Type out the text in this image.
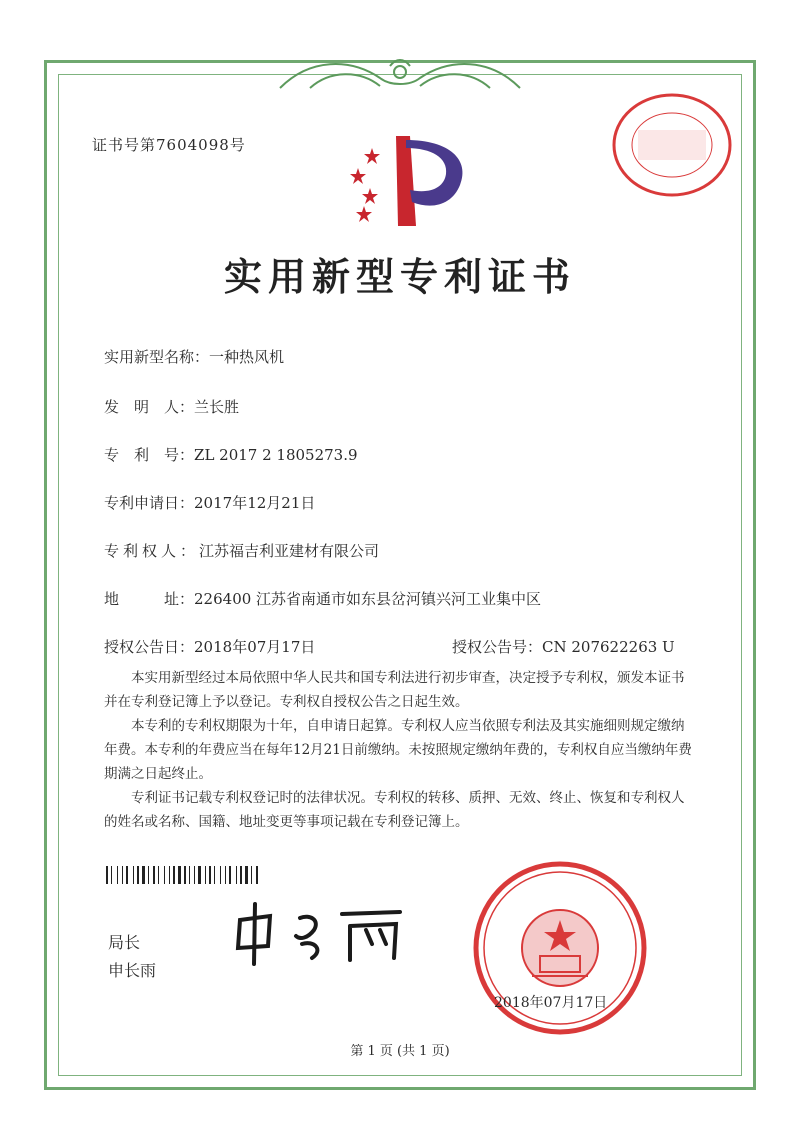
证书号第7604098号
实用新型专利证书
实用新型名称：一种热风机
发　明　人：兰长胜
专　利　号：ZL 2017 2 1805273.9
专利申请日：2017年12月21日
专利权人：江苏福吉利亚建材有限公司
地　　　址：226400 江苏省南通市如东县岔河镇兴河工业集中区
授权公告日：2018年07月17日	授权公告号：CN 207622263 U

本实用新型经过本局依照中华人民共和国专利法进行初步审查，决定授予专利权，颁发本证书并在专利登记簿上予以登记。专利权自授权公告之日起生效。

本专利的专利权期限为十年，自申请日起算。专利权人应当依照专利法及其实施细则规定缴纳年费。本专利的年费应当在每年12月21日前缴纳。未按照规定缴纳年费的，专利权自应当缴纳年费期满之日起终止。

专利证书记载专利权登记时的法律状况。专利权的转移、质押、无效、终止、恢复和专利权人的姓名或名称、国籍、地址变更等事项记载在专利登记簿上。

局长
申长雨
2018年07月17日
第 1 页 (共 1 页)
